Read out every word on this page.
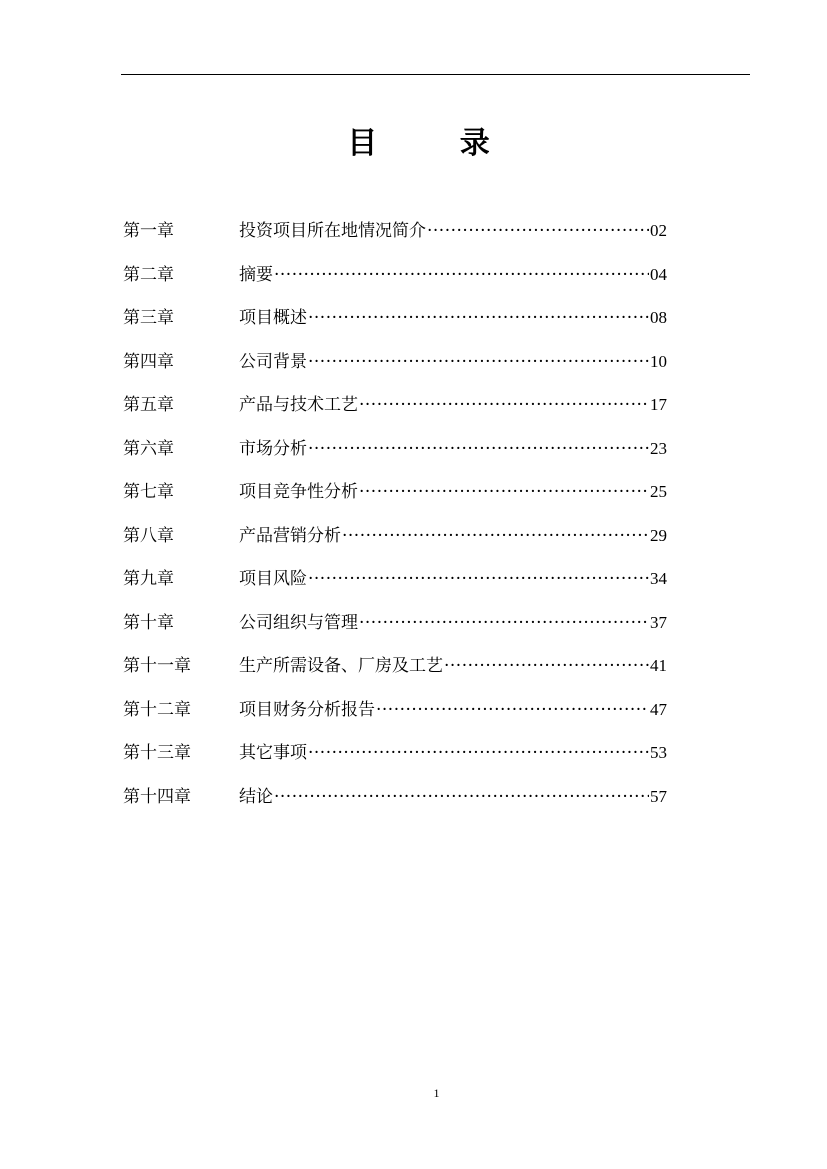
目 录
第一章	投资项目所在地情况简介 ·····	02
第二章	摘要 ·····	04
第三章	项目概述 ·····	08
第四章	公司背景 ·····	10
第五章	产品与技术工艺 ·····	17
第六章	市场分析 ·····	23
第七章	项目竞争性分析 ·····	25
第八章	产品营销分析 ·····	29
第九章	项目风险 ·····	34
第十章	公司组织与管理 ·····	37
第十一章	生产所需设备、厂房及工艺 ·····	41
第十二章	项目财务分析报告 ·····	47
第十三章	其它事项 ·····	53
第十四章	结论 ·····	57
1
